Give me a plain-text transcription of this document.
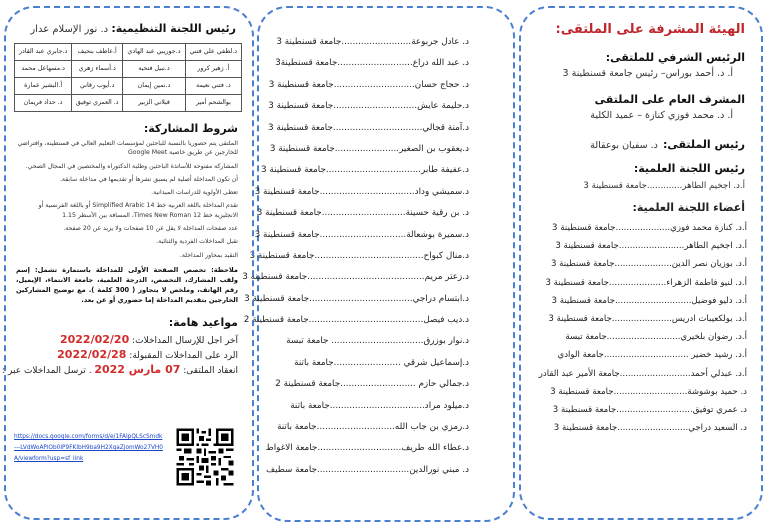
الهيئة المشرفة على الملتقى:
الرئيس الشرفي للملتقى:
أ. د. أحمد بوراس– رئيس جامعة قسنطينة 3
المشرف العام على الملتقى
أ. د. محمد فوزي كنازة – عميد الكلية
رئيس الملتقى: د. سفيان بوعقالة
رئيس اللجنة العلمية:
أ.د. اجخيم الطاهر.............جامعة قسنطينة 3
أعضاء اللجنة العلمية:
أ.د. كنازة محمد فوزي....................جامعة قسنطينة 3
أ.د. اجخيم الطاهر........................جامعة قسنطينة 3
أ.د. بوزيان نصر الدين.....................جامعة قسنطينة 3
أ.د. لنيو فاطمة الزهراء.....................جامعة قسنطينة 3
أ.د. دليو فوضيل............................جامعة قسنطينة 3
أ.د. بولكعيبات ادريس......................جامعة قسنطينة 3
أ.د. رضوان بلخيري...........................جامعة تبسة
أ.د. رشيد خضير ...............................جامعة الوادي
أ.د. عبدلي أحمد..........................جامعة الأمير عبد القادر
د. حميد بوشوشة...........................جامعة قسنطينة 3
د. عمري توفيق............................جامعة قسنطينة 3
د. السعيد دراجي..........................جامعة قسنطينة 3
د. عادل جربوعة.........................جامعة قسنطينة 3
د. عبد الله دراع...........................جامعة قسنطينة3
د. حجاج حسان.............................جامعة قسنطينة 3
د.حليمة عايش..............................جامعة قسنطينة 3
د.آمنة قجالي................................جامعة قسنطينة 3
د.يعقوب بن الصغير.......................جامعة قسنطينة 3
د.عفيفة طابر..................................جامعة قسنطينة 3
د.سميشي وداد..................................جامعة قسنطينة 3
د. بن رقية حسينة..............................جامعة قسنطينة 3
د.سميرة بوشعالة...............................جامعة قسنطينة 3
د.منال كبواح.......................................جامعة قسنطينة 3
د.زعتر مريم..........................................جامعة قسنطينة 3
د.ابتسام دراجي.....................................جامعة قسنطينة 3
د.ديب فيصل.........................................جامعة قسنطينة 2
د.نوار بوزرق................................. جامعة تبسة
د.إسماعيل شرقي ........................جامعة باتنة
د.جمالي حازم ...........................جامعة قسنطينة 2
د.ميلود مراد..................................جامعة باتنة
د.رمزي بن جاب الله............................جامعة باتنة
د.عطاء الله طريف..............................جامعة الاغواط
د. مبني نورالدين.................................جامعة سطيف
رئيس اللجنة التنظيمية: د. نور الإسلام عدار
د.لطفي علي فتني	د.جوريبي عبد الهادي	أ.عاطف بنحيف	د.جابري عبد القادر
أ. زهير كرور	د.نبيل فتحية	د.أسماء زهري	د.مسهاعل محمد
د. فتني نعيمة	د.نمين إيمان	د.أيوب رقاني	أ.البشير عمارة
بوالشحم أمير	قبلاني الزبير	د. العمري توفيق	د. حداد فريمان
شروط المشاركة:
الملتقى يتم حصوريا بالنسبة للباحثين لمؤسسات التعليم العالي في قسنطينة، وافتراضي للخارجين عن طريق خاصية Google Meet
المشاركة مفتوحة للأساتذة الباحثين وطلبة الدكتوراه والمختصين في المجال الصحي.
أن تكون المداخلة أصلية لم يسبق نشرها أو تقديمها في مداخلة سابقة.
تعطى الأولوية للدراسات الميدانية.
تقدم المداخلة باللغة العربية خط Simplified Arabic 14 أو باللغة الفرنسية أو الانجليزية خط Times New Roman 12، المسافة بين الأسطر 1.15
عدد صفحات المداخلة لا يقل عن 10 صفحات ولا يزيد عن 20 صفحة.
تقبل المداخلات الفردية والثنائية.
التقيد بمحاور المداخلة.
ملاحظة: تخصص الصفحة الأولى للمداخلة باستمارة تشمل: إسم ولقب المشارك، التخصص، الدرجة العلمية، جامعة الانتماء، الإيميل، رقم الهاتف، وملخص لا يتجاوز ( 300 كلمة ). مع توضيح المشاركين الخارجين بتقديم المداخلة إما حضوري أو عن بعد.
مواعيد هامة:
آخر اجل للإرسال المداخلات: 2022/02/20
الرد على المداخلات المقبولة: 2022/02/28
انعقاد الملتقى: 07 مارس 2022 . ترسل المداخلات عبر :
https://docs.google.com/forms/d/e/1FAIpQLScSmdk---LVdWoAPiOb0IP9FKlbH9ba9H2XgaZjomWo27VH0A/viewform?usp=sf_link
